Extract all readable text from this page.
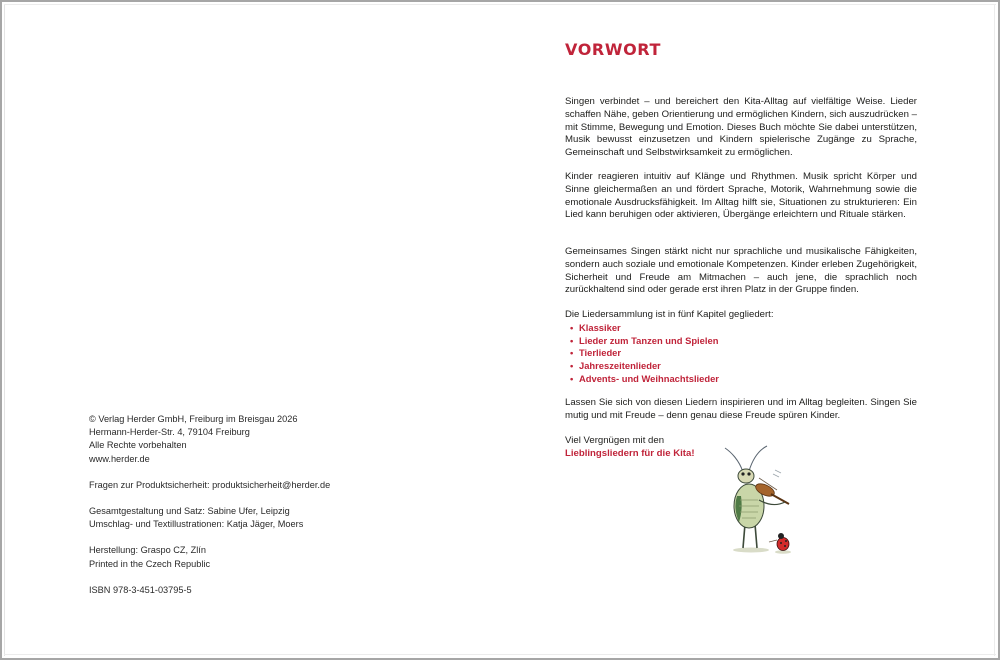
© Verlag Herder GmbH, Freiburg im Breisgau 2026

Hermann-Herder-Str. 4, 79104 Freiburg

Alle Rechte vorbehalten

www.herder.de

Fragen zur Produktsicherheit: produktsicherheit@herder.de

Gesamtgestaltung und Satz: Sabine Ufer, Leipzig

Umschlag- und Textillustrationen: Katja Jäger, Moers

Herstellung: Graspo CZ, Zlín

Printed in the Czech Republic

ISBN 978-3-451-03795-5

VORWORT

Singen verbindet – und bereichert den Kita-Alltag auf vielfältige Weise. Lieder schaffen Nähe, geben Orientierung und ermöglichen Kindern, sich auszudrücken – mit Stimme, Bewegung und Emotion. Dieses Buch möchte Sie dabei unterstützen, Musik bewusst einzusetzen und Kindern spielerische Zugänge zu Sprache, Gemeinschaft und Selbstwirksamkeit zu ermöglichen.

Kinder reagieren intuitiv auf Klänge und Rhythmen. Musik spricht Körper und Sinne gleichermaßen an und fördert Sprache, Motorik, Wahrnehmung sowie die emotionale Ausdrucksfähigkeit. Im Alltag hilft sie, Situationen zu strukturieren: Ein Lied kann beruhigen oder aktivieren, Übergänge erleichtern und Rituale stärken.

Gemeinsames Singen stärkt nicht nur sprachliche und musikalische Fähigkeiten, sondern auch soziale und emotionale Kompetenzen. Kinder erleben Zugehörigkeit, Sicherheit und Freude am Mitmachen – auch jene, die sprachlich noch zurückhaltend sind oder gerade erst ihren Platz in der Gruppe finden.

Die Liedersammlung ist in fünf Kapitel gegliedert:

• Klassiker
• Lieder zum Tanzen und Spielen
• Tierlieder
• Jahreszeitenlieder
• Advents- und Weihnachtslieder

Lassen Sie sich von diesen Liedern inspirieren und im Alltag begleiten. Singen Sie mutig und mit Freude – denn genau diese Freude spüren Kinder.

Viel Vergnügen mit den
Lieblingsliedern für die Kita!
